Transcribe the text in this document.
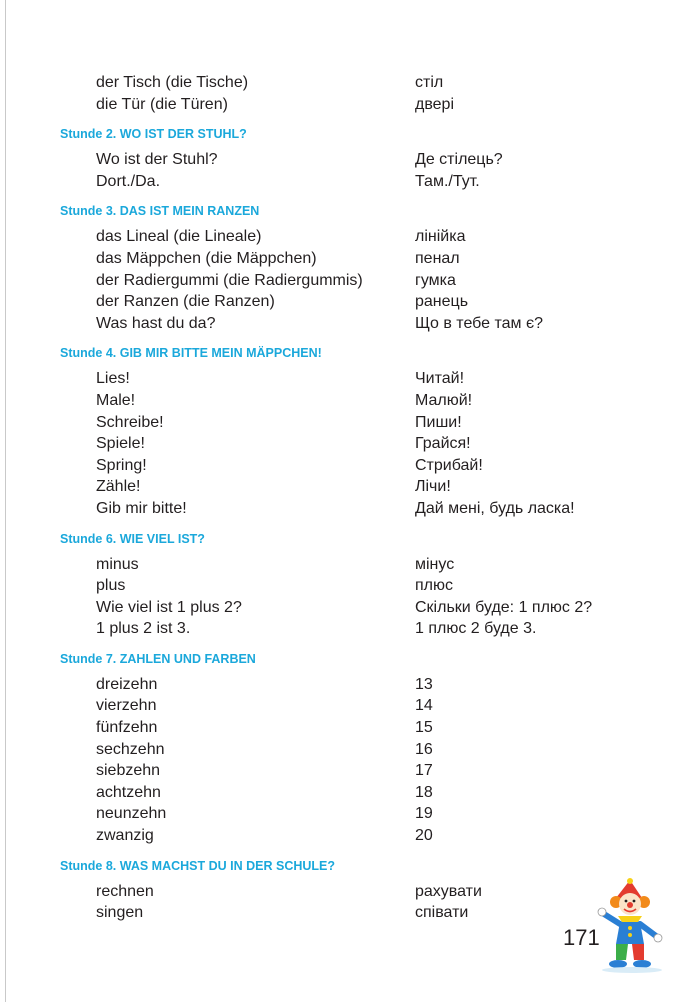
der Tisch (die Tische)	стіл
die Tür (die Türen)	двері
Stunde 2. WO IST DER STUHL?
Wo ist der Stuhl?	Де стілець?
Dort./Da.	Там./Тут.
Stunde 3. DAS IST MEIN RANZEN
das Lineal (die Lineale)	лінійка
das Mäppchen (die Mäppchen)	пенал
der Radiergummi (die Radiergummis)	гумка
der Ranzen (die Ranzen)	ранець
Was hast du da?	Що в тебе там є?
Stunde 4. GIB MIR BITTE MEIN MÄPPCHEN!
Lies!	Читай!
Male!	Малюй!
Schreibe!	Пиши!
Spiele!	Грайся!
Spring!	Стрибай!
Zähle!	Лічи!
Gib mir bitte!	Дай мені, будь ласка!
Stunde 6. WIE VIEL IST?
minus	мінус
plus	плюс
Wie viel ist 1 plus 2?	Скільки буде: 1 плюс 2?
1 plus 2 ist 3.	1 плюс 2 буде 3.
Stunde 7. ZAHLEN UND FARBEN
dreizehn	13
vierzehn	14
fünfzehn	15
sechzehn	16
siebzehn	17
achtzehn	18
neunzehn	19
zwanzig	20
Stunde 8. WAS MACHST DU IN DER SCHULE?
rechnen	рахувати
singen	співати
171
